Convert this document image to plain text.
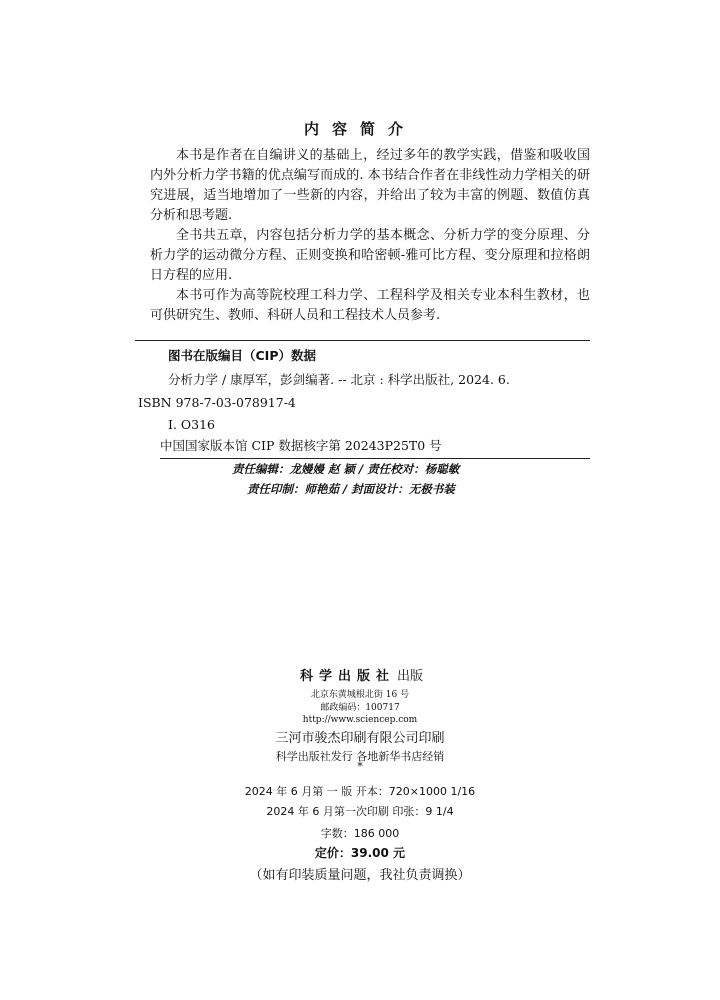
内容简介

本书是作者在自编讲义的基础上，经过多年的教学实践，借鉴和吸收国内外分析力学书籍的优点编写而成的. 本书结合作者在非线性动力学相关的研究进展，适当地增加了一些新的内容，并给出了较为丰富的例题、数值仿真分析和思考题.

全书共五章，内容包括分析力学的基本概念、分析力学的变分原理、分析力学的运动微分方程、正则变换和哈密顿-雅可比方程、变分原理和拉格朗日方程的应用.

本书可作为高等院校理工科力学、工程科学及相关专业本科生教材，也可供研究生、教师、科研人员和工程技术人员参考.

图书在版编目（CIP）数据
分析力学 / 康厚军，彭剑编著. -- 北京 : 科学出版社, 2024. 6.
ISBN 978-7-03-078917-4
Ⅰ. O316
中国国家版本馆 CIP 数据核字第 20243P25T0 号
责任编辑：龙嫚嫚 赵 颖 / 责任校对：杨聪敏
责任印制：师艳茹 / 封面设计：无极书装
科学出版社 出版
北京东黄城根北街 16 号
邮政编码：100717
http://www.sciencep.com
三河市骏杰印刷有限公司印刷
科学出版社发行 各地新华书店经销
*
2024 年 6 月第 一 版 开本：720×1000 1/16
2024 年 6 月第一次印刷 印张：9 1/4
字数：186 000
定价：39.00 元
（如有印装质量问题，我社负责调换）
